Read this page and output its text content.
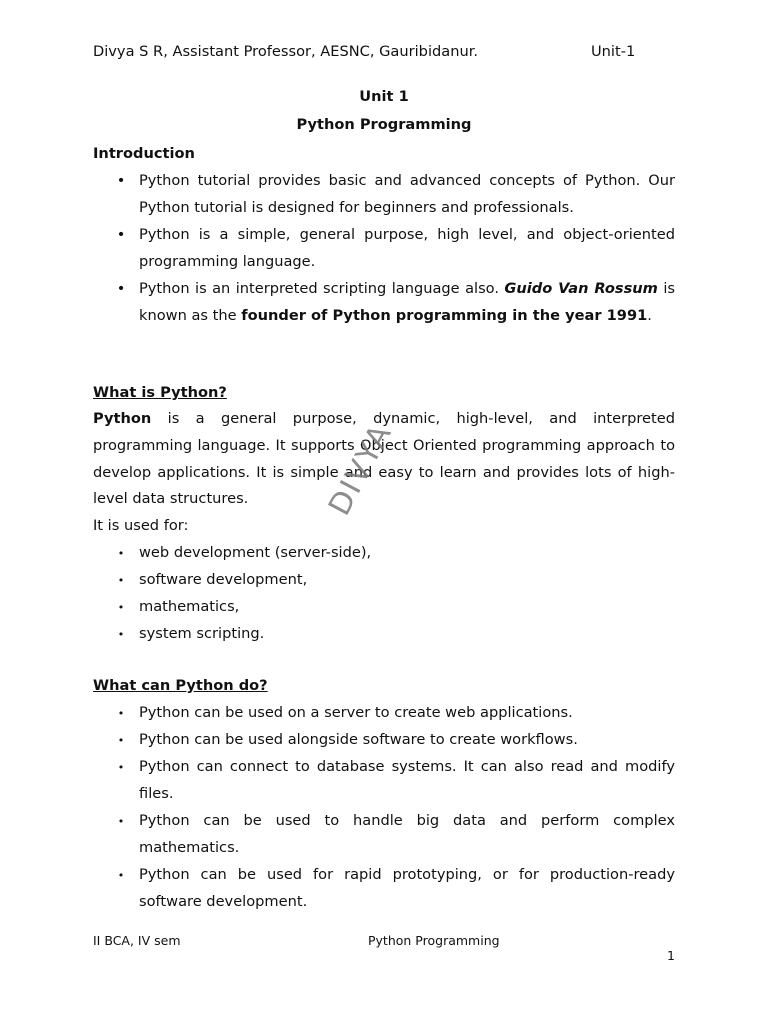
Divya S R, Assistant Professor, AESNC, Gauribidanur.	Unit-1
Unit 1
Python Programming
Introduction
•
Python tutorial provides basic and advanced concepts of Python. Our Python tutorial is designed for beginners and professionals.
•
Python is a simple, general purpose, high level, and object-oriented programming language.
•
Python is an interpreted scripting language also. Guido Van Rossum is known as the founder of Python programming in the year 1991.
What is Python?

Python is a general purpose, dynamic, high-level, and interpreted programming language. It supports Object Oriented programming approach to develop applications. It is simple and easy to learn and provides lots of high-level data structures.

It is used for:
•
web development (server-side),
•
software development,
•
mathematics,
•
system scripting.
What can Python do?
•
Python can be used on a server to create web applications.
•
Python can be used alongside software to create workflows.
•
Python can connect to database systems. It can also read and modify files.
•
Python can be used to handle big data and perform complex mathematics.
•
Python can be used for rapid prototyping, or for production-ready software development.
DIVYA
II BCA, IV sem	Python Programming
1
